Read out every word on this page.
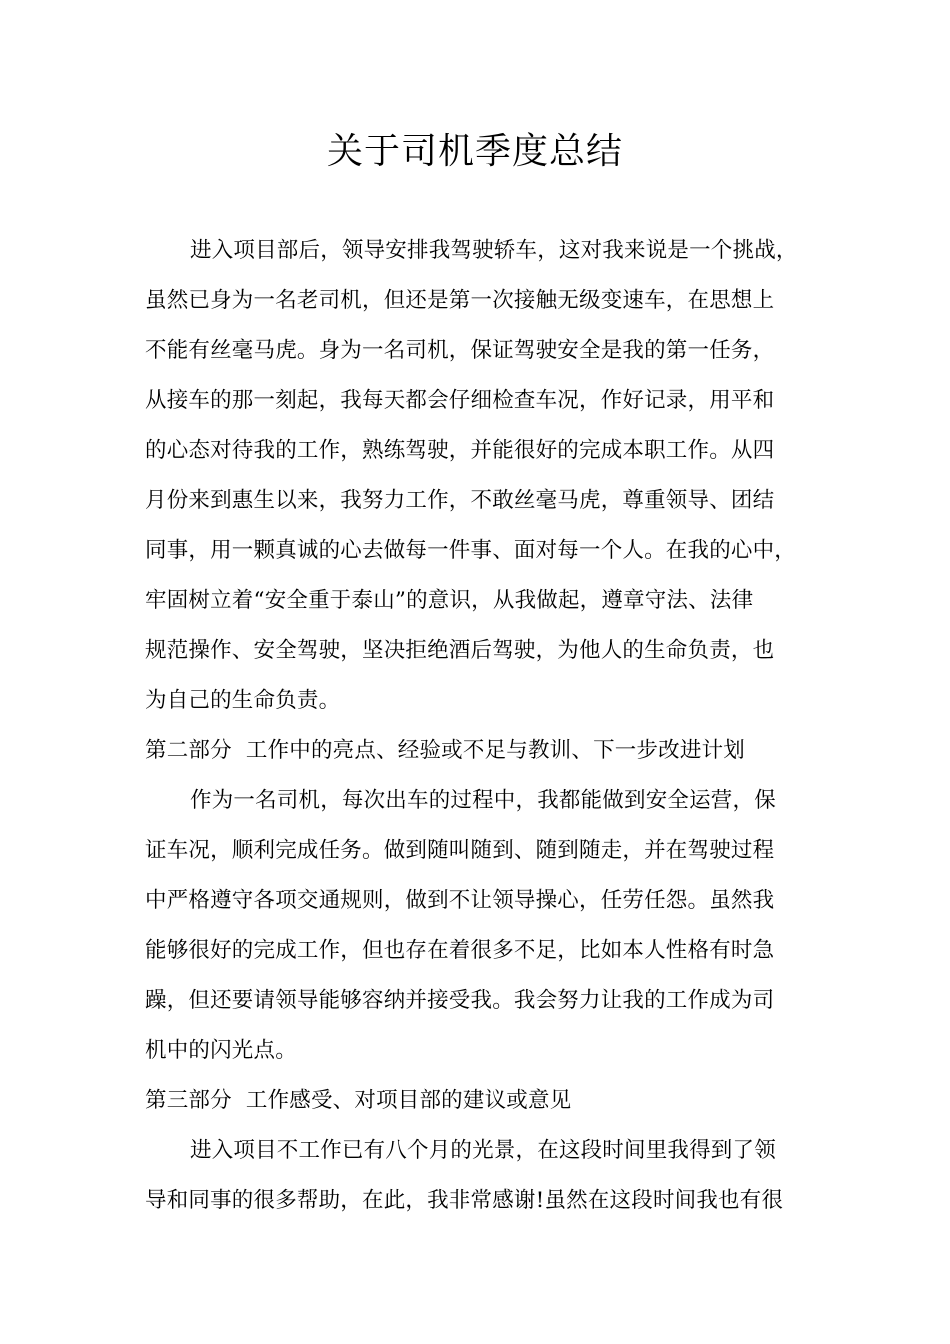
关于司机季度总结
进入项目部后，领导安排我驾驶轿车，这对我来说是一个挑战，
虽然已身为一名老司机，但还是第一次接触无级变速车，在思想上
不能有丝毫马虎。身为一名司机，保证驾驶安全是我的第一任务，
从接车的那一刻起，我每天都会仔细检查车况，作好记录，用平和
的心态对待我的工作，熟练驾驶，并能很好的完成本职工作。从四
月份来到惠生以来，我努力工作，不敢丝毫马虎，尊重领导、团结
同事，用一颗真诚的心去做每一件事、面对每一个人。在我的心中，
牢固树立着“安全重于泰山”的意识，从我做起，遵章守法、法律
规范操作、安全驾驶，坚决拒绝酒后驾驶，为他人的生命负责，也
为自己的生命负责。
第二部分  工作中的亮点、经验或不足与教训、下一步改进计划
作为一名司机，每次出车的过程中，我都能做到安全运营，保
证车况，顺利完成任务。做到随叫随到、随到随走，并在驾驶过程
中严格遵守各项交通规则，做到不让领导操心，任劳任怨。虽然我
能够很好的完成工作，但也存在着很多不足，比如本人性格有时急
躁，但还要请领导能够容纳并接受我。我会努力让我的工作成为司
机中的闪光点。
第三部分  工作感受、对项目部的建议或意见
进入项目不工作已有八个月的光景，在这段时间里我得到了领
导和同事的很多帮助，在此，我非常感谢!虽然在这段时间我也有很
